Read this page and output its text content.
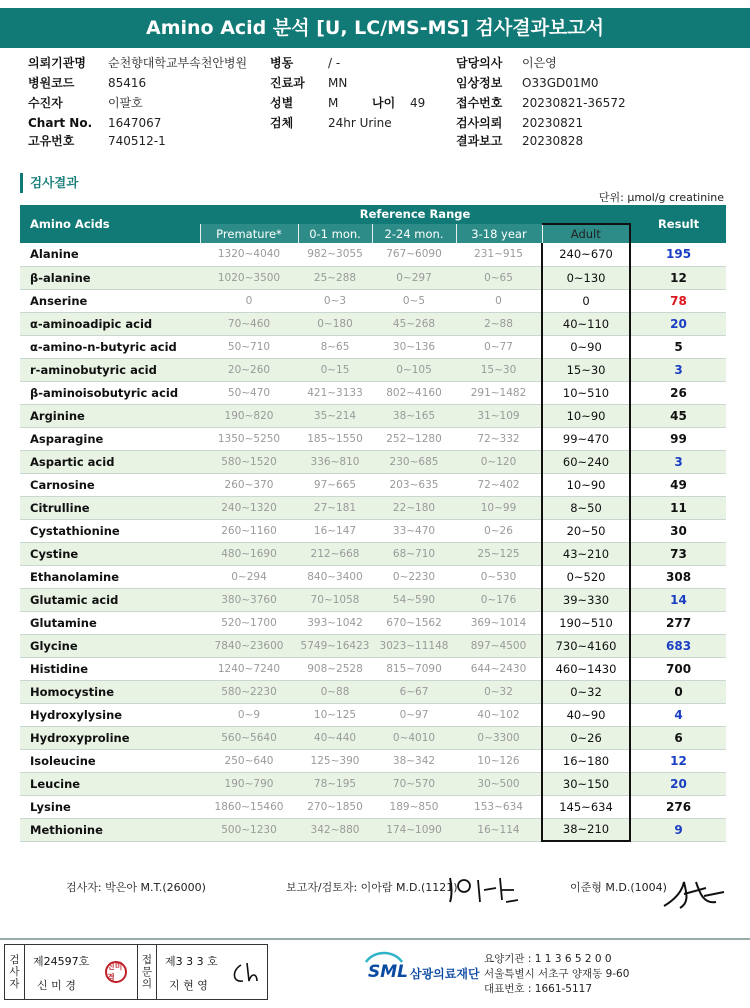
Amino Acid 분석 [U, LC/MS-MS] 검사결과보고서
의뢰기관명 순천향대학교부속천안병원 병동	/ -	담당의사 이은영
병원코드	85416	진료과 MN	임상정보 O33GD01M0
수진자	이팔호	성별	M	나이 49	접수번호 20230821-36572
Chart No. 1647067	검체	24hr Urine	검사의뢰 20230821
고유번호	740512-1	결과보고 20230828
검사결과
단위: μmol/g creatinine
Amino Acids	Reference Range					Result
	Premature*	0-1 mon.	2-24 mon.	3-18 year	Adult	
Alanine	1320~4040	982~3055	767~6090	231~915	240~670	195
β-alanine	1020~3500	25~288	0~297	0~65	0~130	12
Anserine	0	0~3	0~5	0	0	78
α-aminoadipic acid	70~460	0~180	45~268	2~88	40~110	20
α-amino-n-butyric acid	50~710	8~65	30~136	0~77	0~90	5
r-aminobutyric acid	20~260	0~15	0~105	15~30	15~30	3
β-aminoisobutyric acid	50~470	421~3133	802~4160	291~1482	10~510	26
Arginine	190~820	35~214	38~165	31~109	10~90	45
Asparagine	1350~5250	185~1550	252~1280	72~332	99~470	99
Aspartic acid	580~1520	336~810	230~685	0~120	60~240	3
Carnosine	260~370	97~665	203~635	72~402	10~90	49
Citrulline	240~1320	27~181	22~180	10~99	8~50	11
Cystathionine	260~1160	16~147	33~470	0~26	20~50	30
Cystine	480~1690	212~668	68~710	25~125	43~210	73
Ethanolamine	0~294	840~3400	0~2230	0~530	0~520	308
Glutamic acid	380~3760	70~1058	54~590	0~176	39~330	14
Glutamine	520~1700	393~1042	670~1562	369~1014	190~510	277
Glycine	7840~23600	5749~16423	3023~11148	897~4500	730~4160	683
Histidine	1240~7240	908~2528	815~7090	644~2430	460~1430	700
Homocystine	580~2230	0~88	6~67	0~32	0~32	0
Hydroxylysine	0~9	10~125	0~97	40~102	40~90	4
Hydroxyproline	560~5640	40~440	0~4010	0~3300	0~26	6
Isoleucine	250~640	125~390	38~342	10~126	16~180	12
Leucine	190~790	78~195	70~570	30~500	30~150	20
Lysine	1860~15460	270~1850	189~850	153~634	145~634	276
Methionine	500~1230	342~880	174~1090	16~114	38~210	9
검사자: 박은아 M.T.(26000)	보고자/검토자: 이아람 M.D.(1121)	이준형 M.D.(1004)
검사자
제24597호
신 미 경
신미경
접 문 의
제3 3 3 호
지 현 영
SML 삼광의료재단
요양기관 : 1 1 3 6 5 2 0 0
서울특별시 서초구 양재동 9-60
대표번호 : 1661-5117
